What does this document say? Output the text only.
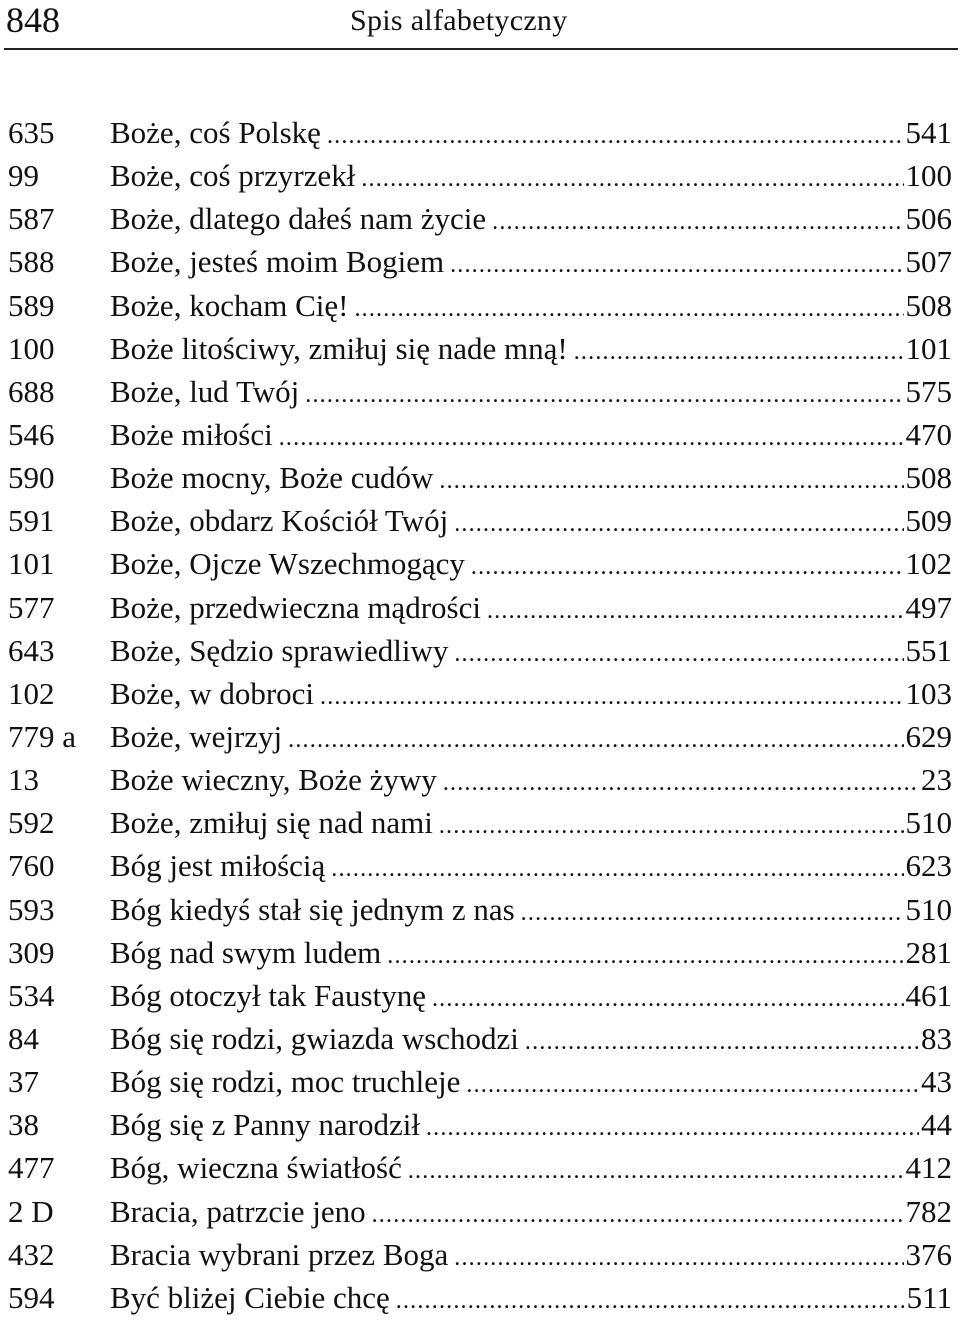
848	Spis alfabetyczny
635 Boże, coś Polskę .....	541
99 Boże, coś przyrzekł .....	100
587 Boże, dlatego dałeś nam życie .....	506
588 Boże, jesteś moim Bogiem .....	507
589 Boże, kocham Cię! .....	508
100 Boże litościwy, zmiłuj się nade mną! .....	101
688 Boże, lud Twój .....	575
546 Boże miłości .....	470
590 Boże mocny, Boże cudów .....	508
591 Boże, obdarz Kościół Twój .....	509
101 Boże, Ojcze Wszechmogący .....	102
577 Boże, przedwieczna mądrości .....	497
643 Boże, Sędzio sprawiedliwy .....	551
102 Boże, w dobroci .....	103
779 a Boże, wejrzyj .....	629
13 Boże wieczny, Boże żywy .....	23
592 Boże, zmiłuj się nad nami .....	510
760 Bóg jest miłością .....	623
593 Bóg kiedyś stał się jednym z nas .....	510
309 Bóg nad swym ludem .....	281
534 Bóg otoczył tak Faustynę .....	461
84 Bóg się rodzi, gwiazda wschodzi .....	83
37 Bóg się rodzi, moc truchleje .....	43
38 Bóg się z Panny narodził .....	44
477 Bóg, wieczna światłość .....	412
2 D Bracia, patrzcie jeno .....	782
432 Bracia wybrani przez Boga .....	376
594 Być bliżej Ciebie chcę .....	511
